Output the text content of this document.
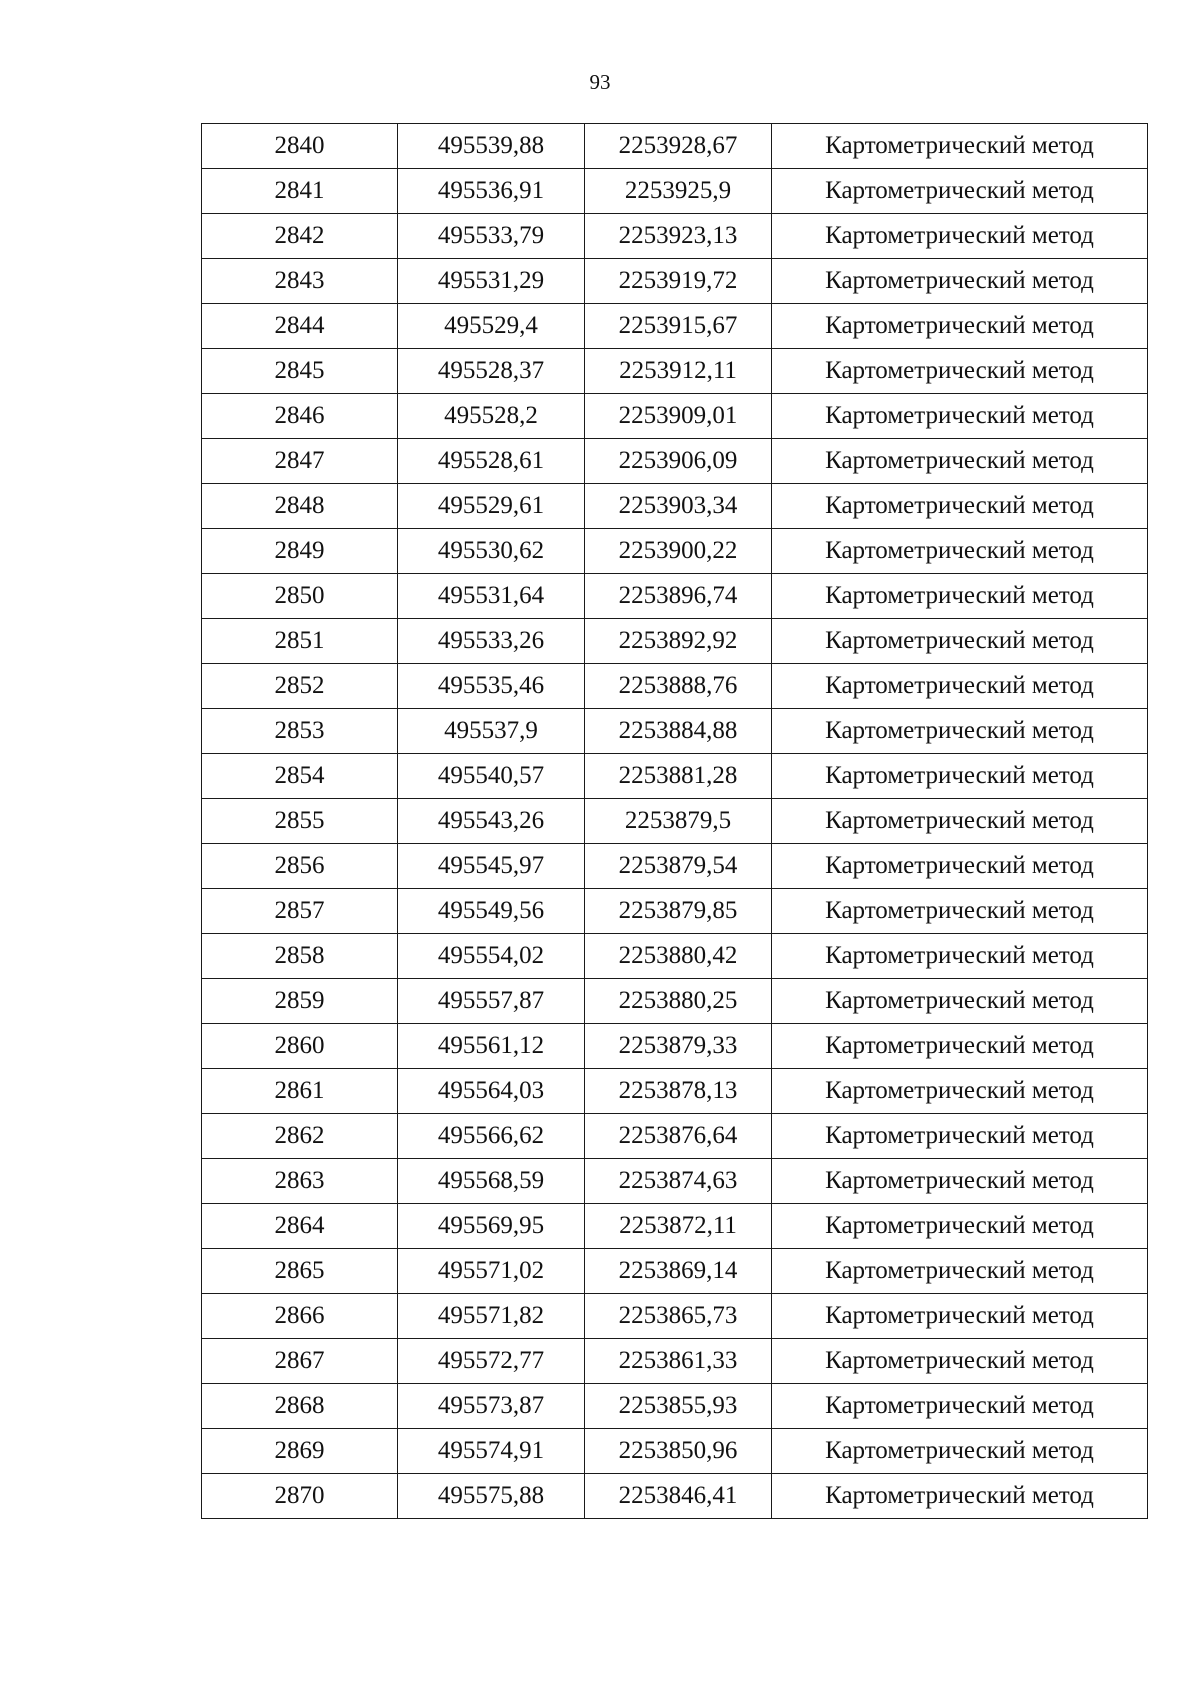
93
2840	495539,88	2253928,67	Картометрический метод
2841	495536,91	2253925,9	Картометрический метод
2842	495533,79	2253923,13	Картометрический метод
2843	495531,29	2253919,72	Картометрический метод
2844	495529,4	2253915,67	Картометрический метод
2845	495528,37	2253912,11	Картометрический метод
2846	495528,2	2253909,01	Картометрический метод
2847	495528,61	2253906,09	Картометрический метод
2848	495529,61	2253903,34	Картометрический метод
2849	495530,62	2253900,22	Картометрический метод
2850	495531,64	2253896,74	Картометрический метод
2851	495533,26	2253892,92	Картометрический метод
2852	495535,46	2253888,76	Картометрический метод
2853	495537,9	2253884,88	Картометрический метод
2854	495540,57	2253881,28	Картометрический метод
2855	495543,26	2253879,5	Картометрический метод
2856	495545,97	2253879,54	Картометрический метод
2857	495549,56	2253879,85	Картометрический метод
2858	495554,02	2253880,42	Картометрический метод
2859	495557,87	2253880,25	Картометрический метод
2860	495561,12	2253879,33	Картометрический метод
2861	495564,03	2253878,13	Картометрический метод
2862	495566,62	2253876,64	Картометрический метод
2863	495568,59	2253874,63	Картометрический метод
2864	495569,95	2253872,11	Картометрический метод
2865	495571,02	2253869,14	Картометрический метод
2866	495571,82	2253865,73	Картометрический метод
2867	495572,77	2253861,33	Картометрический метод
2868	495573,87	2253855,93	Картометрический метод
2869	495574,91	2253850,96	Картометрический метод
2870	495575,88	2253846,41	Картометрический метод
